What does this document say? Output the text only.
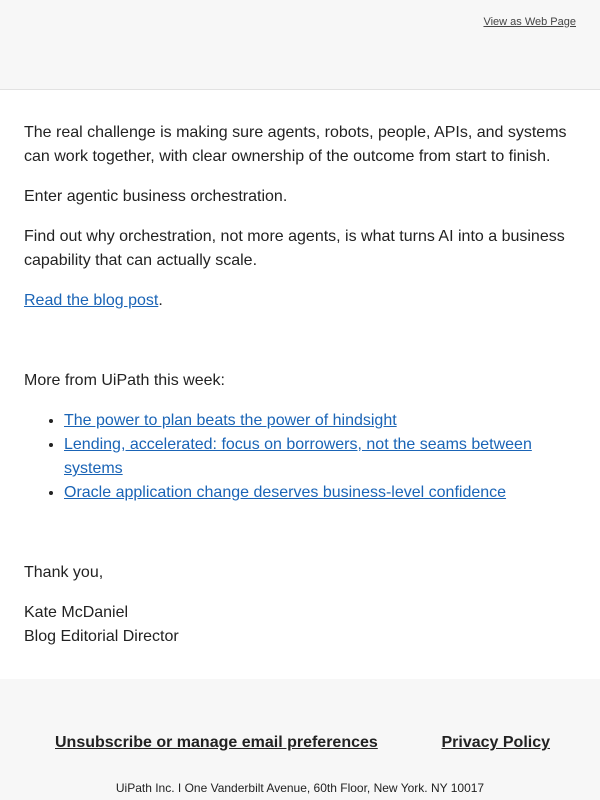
View as Web Page

The real challenge is making sure agents, robots, people, APIs, and systems can work together, with clear ownership of the outcome from start to finish.

Enter agentic business orchestration.

Find out why orchestration, not more agents, is what turns AI into a business capability that can actually scale.

Read the blog post.

More from UiPath this week:

• The power to plan beats the power of hindsight
• Lending, accelerated: focus on borrowers, not the seams between systems
• Oracle application change deserves business-level confidence

Thank you,

Kate McDaniel
Blog Editorial Director
Unsubscribe or manage email preferences	Privacy Policy
UiPath Inc. I One Vanderbilt Avenue, 60th Floor, New York. NY 10017
